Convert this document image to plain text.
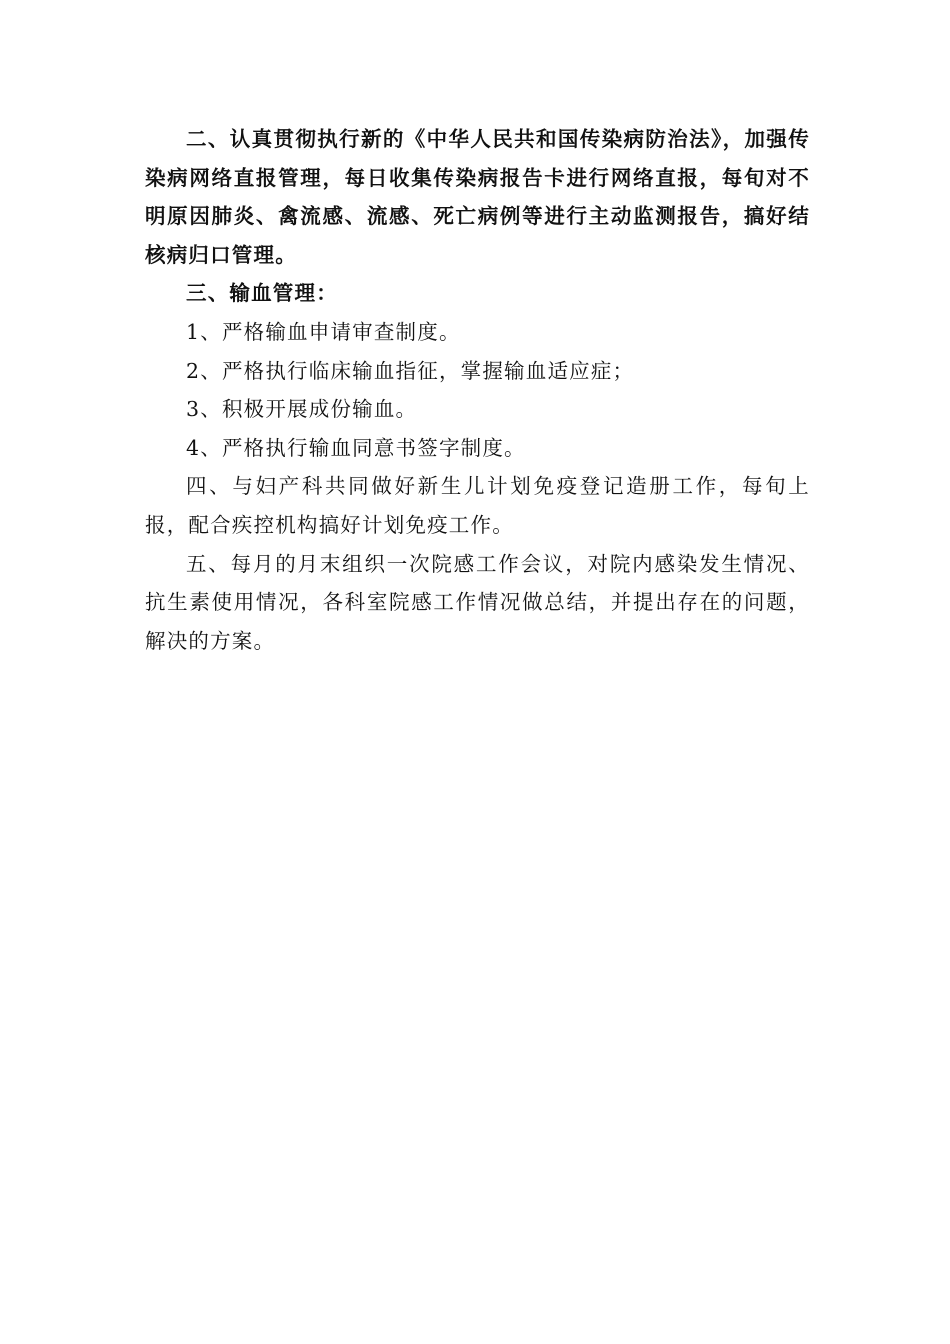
二、认真贯彻执行新的《中华人民共和国传染病防治法》，加强传染病网络直报管理，每日收集传染病报告卡进行网络直报，每旬对不明原因肺炎、禽流感、流感、死亡病例等进行主动监测报告，搞好结核病归口管理。

三、输血管理：

1、严格输血申请审查制度。

2、严格执行临床输血指征，掌握输血适应症；

3、积极开展成份输血。

4、严格执行输血同意书签字制度。

四、与妇产科共同做好新生儿计划免疫登记造册工作，每旬上报，配合疾控机构搞好计划免疫工作。

五、每月的月末组织一次院感工作会议，对院内感染发生情况、抗生素使用情况，各科室院感工作情况做总结，并提出存在的问题，解决的方案。
